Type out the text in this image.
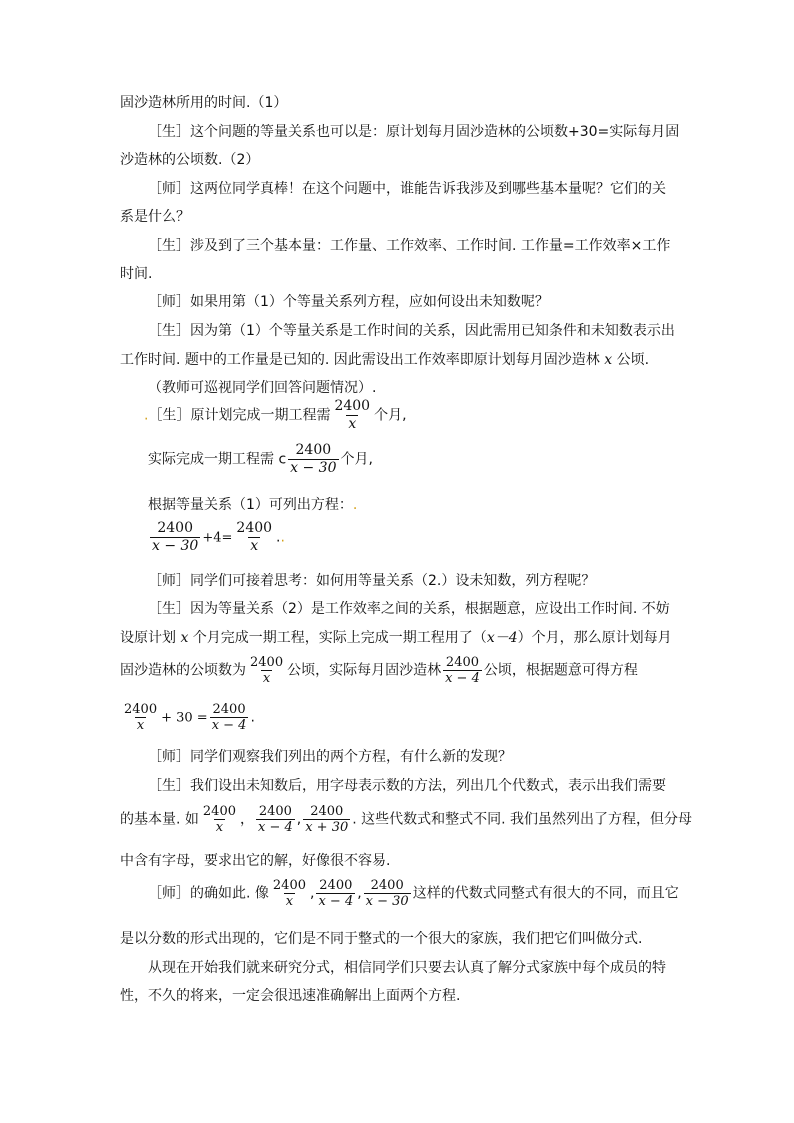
固沙造林所用的时间.（1）
［生］这个问题的等量关系也可以是：原计划每月固沙造林的公顷数+30=实际每月固
沙造林的公顷数.（2）
［师］这两位同学真棒！在这个问题中，谁能告诉我涉及到哪些基本量呢？它们的关
系是什么？
［生］涉及到了三个基本量：工作量、工作效率、工作时间. 工作量=工作效率×工作
时间.
［师］如果用第（1）个等量关系列方程，应如何设出未知数呢？
［生］因为第（1）个等量关系是工作时间的关系，因此需用已知条件和未知数表示出
工作时间. 题中的工作量是已知的. 因此需设出工作效率即原计划每月固沙造林 x 公顷.
（教师可巡视同学们回答问题情况）.
.［生］原计划完成一期工程需 $\frac{2400}{x}$ 个月,
实际完成一期工程需 c $\frac{2400}{x - 30}$ 个月,
根据等量关系（1）可列出方程：.
$\frac{2400}{x - 30} +4= \frac{2400}{x}$ ..
［师］同学们可接着思考：如何用等量关系（2.）设未知数，列方程呢？
［生］因为等量关系（2）是工作效率之间的关系，根据题意，应设出工作时间. 不妨
设原计划 x 个月完成一期工程，实际上完成一期工程用了（x－4）个月，那么原计划每月
固沙造林的公顷数为 $\frac{2400}{x}$ 公顷，实际每月固沙造林 $\frac{2400}{x - 4}$ 公顷，根据题意可得方程
$\frac{2400}{x} + 30 = \frac{2400}{x - 4}$ .
［师］同学们观察我们列出的两个方程，有什么新的发现？
［生］我们设出未知数后，用字母表示数的方法，列出几个代数式，表示出我们需要
的基本量. 如 $\frac{2400}{x}$ ， $\frac{2400}{x - 4}$ , $\frac{2400}{x + 30}$ . 这些代数式和整式不同. 我们虽然列出了方程，但分母
中含有字母，要求出它的解，好像很不容易.
［师］的确如此. 像 $\frac{2400}{x}$ , $\frac{2400}{x - 4}$ , $\frac{2400}{x - 30}$ 这样的代数式同整式有很大的不同，而且它
是以分数的形式出现的，它们是不同于整式的一个很大的家族，我们把它们叫做分式.
从现在开始我们就来研究分式，相信同学们只要去认真了解分式家族中每个成员的特
性，不久的将来，一定会很迅速准确解出上面两个方程.
